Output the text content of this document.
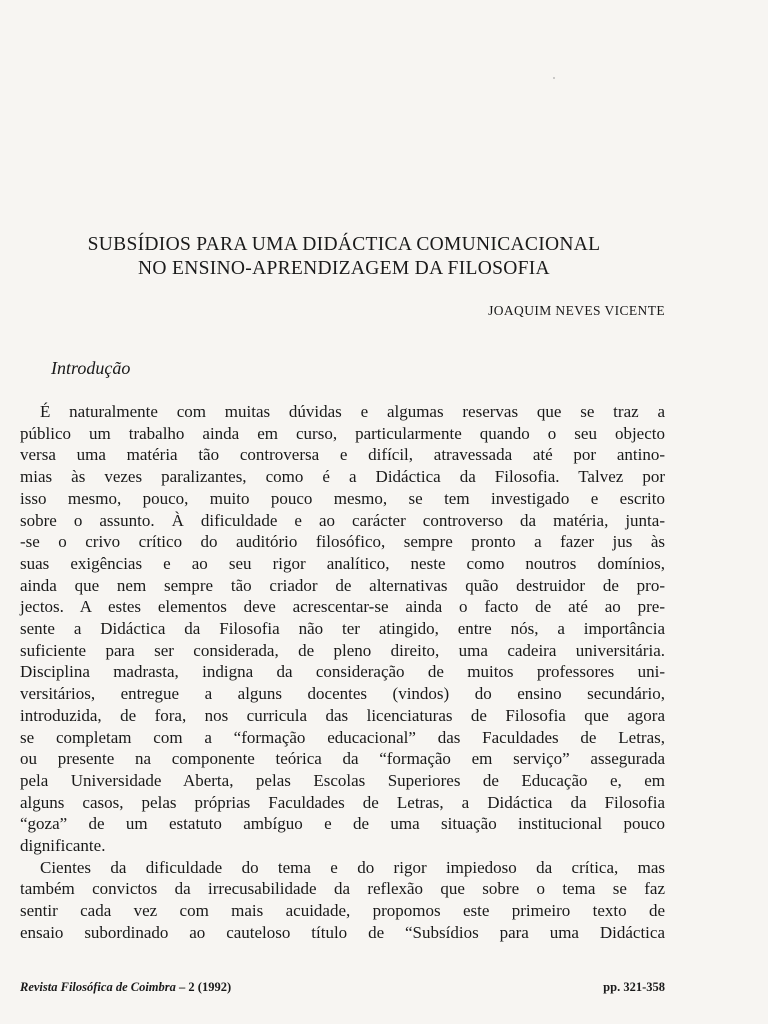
SUBSÍDIOS PARA UMA DIDÁCTICA COMUNICACIONAL
NO ENSINO-APRENDIZAGEM DA FILOSOFIA
JOAQUIM NEVES VICENTE
Introdução

É naturalmente com muitas dúvidas e algumas reservas que se traz a
público um trabalho ainda em curso, particularmente quando o seu objecto
versa uma matéria tão controversa e difícil, atravessada até por antino-
mias às vezes paralizantes, como é a Didáctica da Filosofia. Talvez por
isso mesmo, pouco, muito pouco mesmo, se tem investigado e escrito
sobre o assunto. À dificuldade e ao carácter controverso da matéria, junta-
-se o crivo crítico do auditório filosófico, sempre pronto a fazer jus às
suas exigências e ao seu rigor analítico, neste como noutros domínios,
ainda que nem sempre tão criador de alternativas quão destruidor de pro-
jectos. A estes elementos deve acrescentar-se ainda o facto de até ao pre-
sente a Didáctica da Filosofia não ter atingido, entre nós, a importância
suficiente para ser considerada, de pleno direito, uma cadeira universitária.
Disciplina madrasta, indigna da consideração de muitos professores uni-
versitários, entregue a alguns docentes (vindos) do ensino secundário,
introduzida, de fora, nos curricula das licenciaturas de Filosofia que agora
se completam com a “formação educacional” das Faculdades de Letras,
ou presente na componente teórica da “formação em serviço” assegurada
pela Universidade Aberta, pelas Escolas Superiores de Educação e, em
alguns casos, pelas próprias Faculdades de Letras, a Didáctica da Filosofia
“goza” de um estatuto ambíguo e de uma situação institucional pouco
dignificante.

Cientes da dificuldade do tema e do rigor impiedoso da crítica, mas
também convictos da irrecusabilidade da reflexão que sobre o tema se faz
sentir cada vez com mais acuidade, propomos este primeiro texto de
ensaio subordinado ao cauteloso título de “Subsídios para uma Didáctica

Revista Filosófica de Coimbra – 2 (1992)	pp. 321-358
